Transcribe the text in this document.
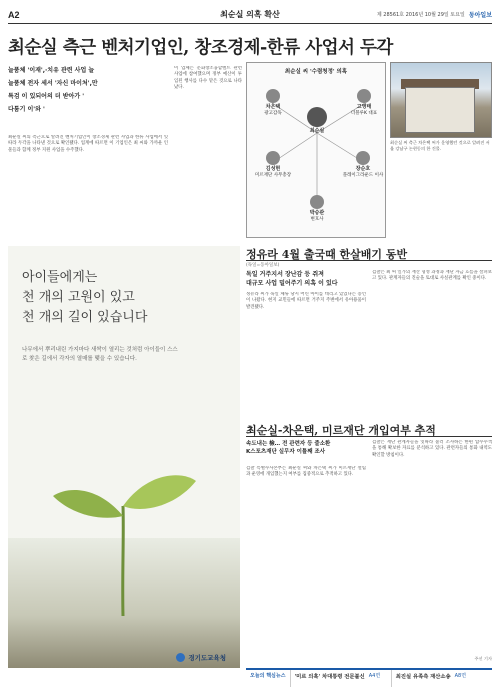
A2	최순실 의혹 확산	제 28561호 2016년 10월 29일 토요일 동아일보
최순실 측근 벤처기업인, 창조경제-한류 사업서 두각

늘품체 '이재',·치유 관련 사업 늘

늘품체 전자 세서 '자신 마이처',만

특검 이 있되어의 더 받아가 '

다툼기 이'와 '

최순실 씨의 측근으로 알려진 벤처기업인이 창조경제 관련 사업과 한류 사업에서 잇따라 두각을 나타낸 것으로 확인됐다. 업계에 따르면 이 기업인은 최 씨와 가까운 인물들과 함께 정부 지원 사업을 수주했다.
이 업체는 문화창조융합벨트 관련 사업에 참여했으며 정부 예산이 투입된 행사를 다수 맡은 것으로 나타났다.
최순실 씨 '수렴청정' 의혹
최순실
차은택
광고감독
고영태
더블루K 대표
김성현
미르재단 사무총장
장순호
플레이그라운드 이사
박승관
변호사
최순실 씨 측근 차은택 씨가 운영했던 것으로 알려진 서울 강남구 논현동의 한 건물.
아이들에게는
천 개의 고원이 있고
천 개의 길이 있습니다
나무에서 뿌리내린 가지마다 새싹이 열리는 것처럼 아이들이 스스로 찾은 길에서 각자의 열매를 맺을 수 있습니다.
경기도교육청
정유라 4월 출국때 한살배기 동반
(독일=동아일보)

독일 거주지서 장난감 등 쥐져

대규모 사업 밀어주기 의혹 이 있다

정유라 씨가 독일 체류 당시 어린 아이를 데리고 있었다는 증언이 나왔다. 현지 교민들에 따르면 거주지 주변에서 유아용품이 발견됐다.
검찰은 최 씨 일가의 재산 형성 과정과 재단 자금 흐름을 살펴보고 있다. 관계자들의 진술을 토대로 사실관계를 확인 중이다.
최순실-차은택, 미르재단 개입여부 추적

속도내는 檢… 전 관련자 등 줄소환

K스포츠재단 실무자 이틀째 조사

검찰 특별수사본부는 최순실 씨와 차은택 씨가 미르재단 설립과 운영에 개입했는지 여부를 집중적으로 추적하고 있다.
검찰은 재단 관계자들을 잇따라 불러 조사하는 한편 압수수색을 통해 확보한 자료를 분석하고 있다. 관련자들의 통화 내역도 확인할 방침이다.
주선 기자
오늘의 핵심뉴스	'미르 의혹' 차대통령 전문불신 A4면	최진실 유족측 재산소송 A8면
